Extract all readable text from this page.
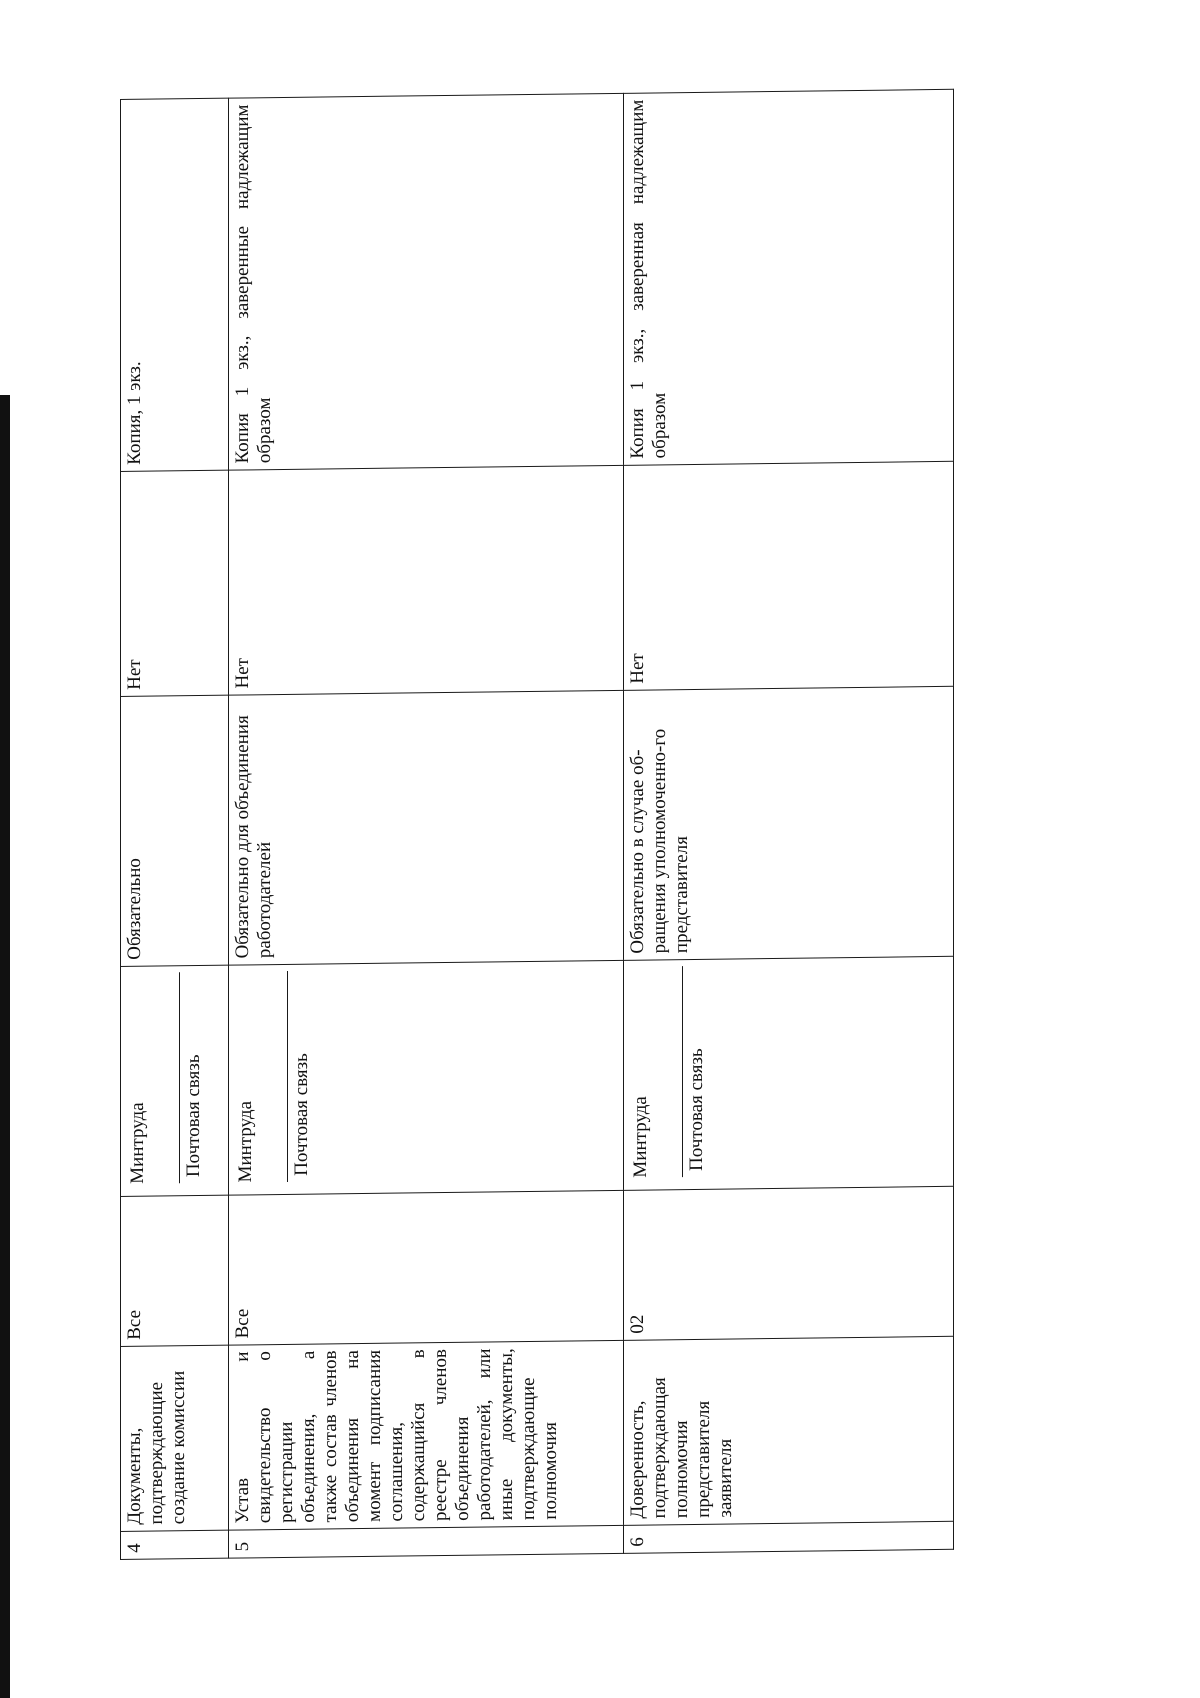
4	Документы, подтверждающие создание комиссии	Все	Минтруда Почтовая связь	Обязательно	Нет	Копия, 1 экз.
5	Устав и свидетельство о регистрации объединения, а также состав членов объединения на момент подписания соглашения, содержащийся в реестре членов объединения работодателей, или иные документы, подтверждающие полномочия	Все	Минтруда Почтовая связь	Обязательно для объединения работодателей	Нет	Копия 1 экз., заверенные надлежащим образом
6	Доверенность, подтверждающая полномочия представителя заявителя	02	Минтруда Почтовая связь	Обязательно в случае об-ращения уполномоченно-го представителя	Нет	Копия 1 экз., заверенная надлежащим образом
